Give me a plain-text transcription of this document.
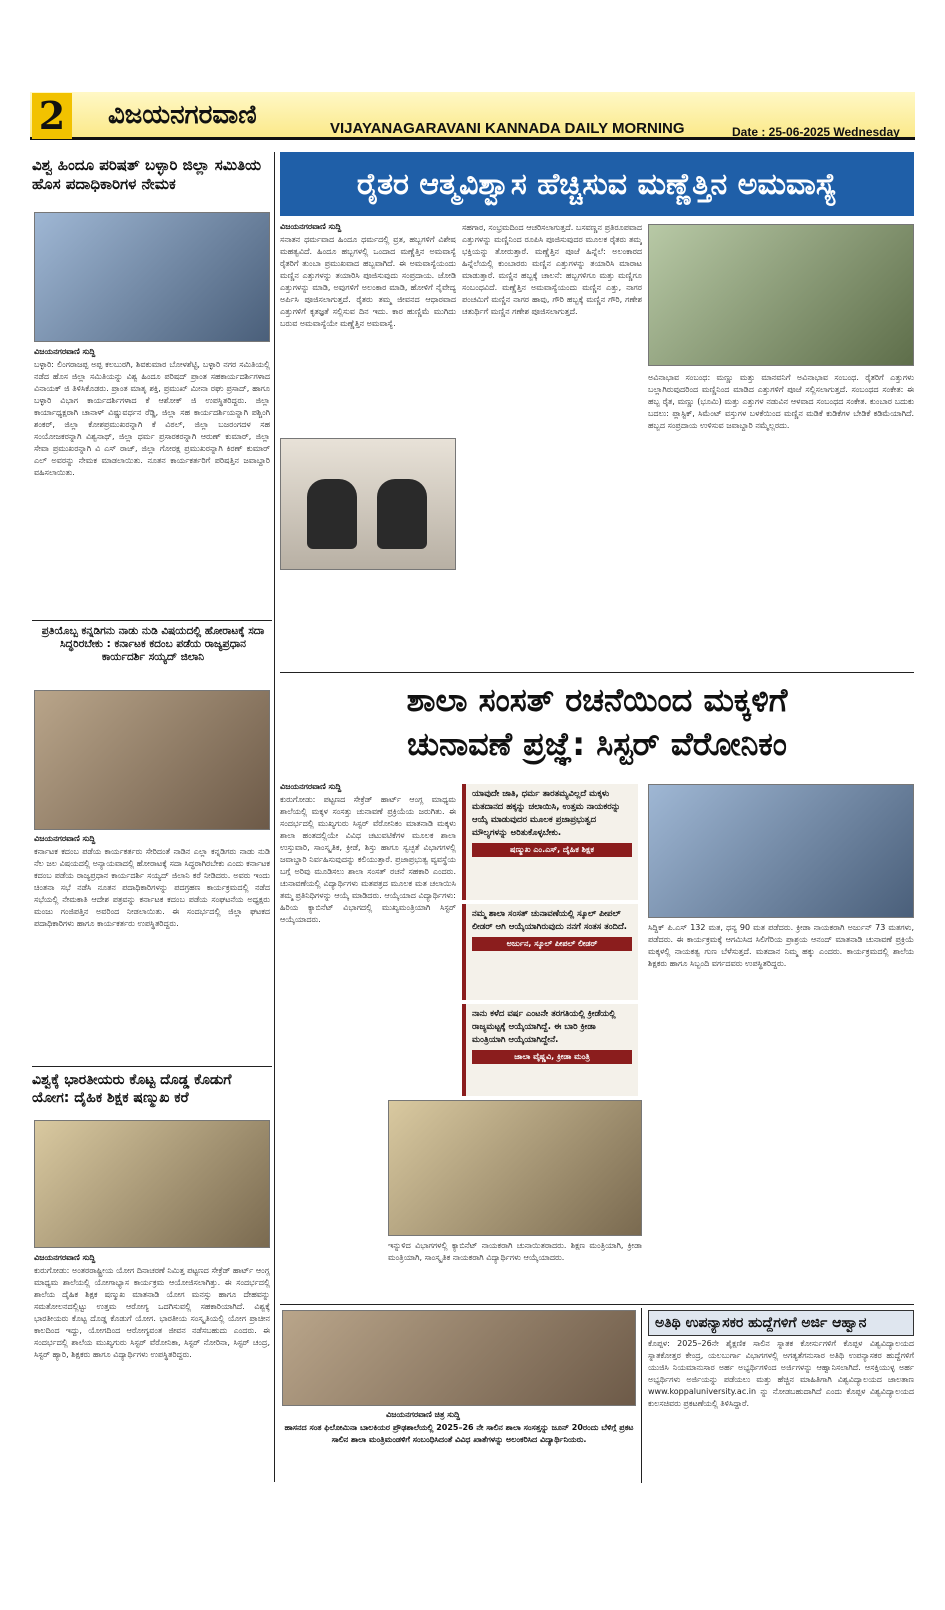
2 ವಿಜಯನಗರವಾಣಿ	VIJAYANAGARAVANI KANNADA DAILY MORNING	Date : 25-06-2025 Wednesday
ವಿಶ್ವ ಹಿಂದೂ ಪರಿಷತ್ ಬಳ್ಳಾರಿ ಜಿಲ್ಲಾ ಸಮಿತಿಯ ಹೊಸ ಪದಾಧಿಕಾರಿಗಳ ನೇಮಕ
ವಿಜಯನಗರವಾಣಿ ಸುದ್ದಿ
ಬಳ್ಳಾರಿ: ಲಿಂಗರಾಜಪ್ಪ ಅಪ್ಪ ಕಲಬುರಗಿ, ಶಿವಕುಮಾರ ಬೋಳಶೆಟ್ಟಿ, ಬಳ್ಳಾರಿ ನಗರ ಸಮಿತಿಯಲ್ಲಿ ನಡೆದ ಹೊಸ ಜಿಲ್ಲಾ ಸಮಿತಿಯನ್ನು ವಿಶ್ವ ಹಿಂದೂ ಪರಿಷದ್ ಪ್ರಾಂತ ಸಹಕಾರ್ಯದರ್ಶಿಗಳಾದ ವಿನಾಯಕ್ ಜಿ ತಿಳಿಸಿಕೊಡರು. ಪ್ರಾಂತ ಮಾತೃ ಶಕ್ತಿ, ಪ್ರಮುಖ್ ಮೀನಾ ರಘು ಪ್ರಸಾದ್, ಹಾಗೂ ಬಳ್ಳಾರಿ ವಿಭಾಗ ಕಾರ್ಯದರ್ಶಿಗಳಾದ ಕೆ ಆಶೋಕ್ ಜಿ ಉಪಸ್ಥಿತರಿದ್ದರು. ಜಿಲ್ಲಾ ಕಾರ್ಯಾಧ್ಯಕ್ಷರಾಗಿ ಚಾನಾಳ್ ವಿಷ್ಣುವರ್ಧನ ರೆಡ್ಡಿ, ಜಿಲ್ಲಾ ಸಹ ಕಾರ್ಯದರ್ಶಿಯನ್ನಾಗಿ ಪಶ್ಚಿಂಗಿ ಶಂಕರ್, ಜಿಲ್ಲಾ ಕೋಶಪ್ರಮುಖರನ್ನಾಗಿ ಕೆ ವಿಠಲ್, ಜಿಲ್ಲಾ ಬಜರಂಗದಳ ಸಹ ಸಂಯೋಜಕರನ್ನಾಗಿ ವಿಶ್ವನಾಥ್, ಜಿಲ್ಲಾ ಧರ್ಮ ಪ್ರಸಾರಕರನ್ನಾಗಿ ಆರುಣ್ ಕುಮಾರ್, ಜಿಲ್ಲಾ ಸೇವಾ ಪ್ರಮುಖರನ್ನಾಗಿ ವಿ ಎಸ್ ರಾಜ್, ಜಿಲ್ಲಾ ಗೋರಕ್ಷ ಪ್ರಮುಖರನ್ನಾಗಿ ಕಿರಣ್ ಕುಮಾರ್ ಎಲ್ ಅವರನ್ನು ನೇಮಕ ಮಾಡಲಾಯಿತು. ನೂತನ ಕಾರ್ಯಕರ್ತರಿಗೆ ಪರಿಷತ್ತಿನ ಜವಾಬ್ದಾರಿ ವಹಿಸಲಾಯಿತು.
ಪ್ರತಿಯೊಬ್ಬ ಕನ್ನಡಿಗನು ನಾಡು ನುಡಿ ವಿಷಯದಲ್ಲಿ ಹೋರಾಟಕ್ಕೆ ಸದಾ ಸಿದ್ಧರಿರಬೇಕು : ಕರ್ನಾಟಕ ಕದಂಬ ಪಡೆಯ ರಾಜ್ಯಪ್ರಧಾನ ಕಾರ್ಯದರ್ಶಿ ಸಯ್ಯದ್ ಜಿಲಾನಿ
ವಿಜಯನಗರವಾಣಿ ಸುದ್ದಿ
ಕರ್ನಾಟಕ ಕದಂಬ ಪಡೆಯ ಕಾರ್ಯಕರ್ತರು ಸೇರಿದಂತೆ ನಾಡಿನ ಎಲ್ಲಾ ಕನ್ನಡಿಗರು ನಾಡು ನುಡಿ ನೆಲ ಜಲ ವಿಷಯದಲ್ಲಿ ಅನ್ಯಾಯವಾದಲ್ಲಿ ಹೋರಾಟಕ್ಕೆ ಸದಾ ಸಿದ್ಧರಾಗಿರಬೇಕು ಎಂದು ಕರ್ನಾಟಕ ಕದಂಬ ಪಡೆಯ ರಾಜ್ಯಪ್ರಧಾನ ಕಾರ್ಯದರ್ಶಿ ಸಯ್ಯದ್ ಜಿಲಾನಿ ಕರೆ ನೀಡಿದರು. ಅವರು ಇಂದು ಚಿಂತನಾ ಸಭೆ ನಡೆಸಿ ನೂತನ ಪದಾಧಿಕಾರಿಗಳನ್ನು ಪದಗ್ರಹಣ ಕಾರ್ಯಕ್ರಮದಲ್ಲಿ ನಡೆದ ಸಭೆಯಲ್ಲಿ ನೇಮಕಾತಿ ಆದೇಶ ಪತ್ರವನ್ನು ಕರ್ನಾಟಕ ಕದಂಬ ಪಡೆಯ ಸಂಘಟನೆಯ ಅಧ್ಯಕ್ಷರು ಮಂಜು ಗಂಜಿಪತ್ತಿನ ಅವರಿಂದ ನೀಡಲಾಯಿತು. ಈ ಸಂದರ್ಭದಲ್ಲಿ ಜಿಲ್ಲಾ ಘಟಕದ ಪದಾಧಿಕಾರಿಗಳು ಹಾಗೂ ಕಾರ್ಯಕರ್ತರು ಉಪಸ್ಥಿತರಿದ್ದರು.
ವಿಶ್ವಕ್ಕೆ ಭಾರತೀಯರು ಕೊಟ್ಟ ದೊಡ್ಡ ಕೊಡುಗೆ ಯೋಗ: ದೈಹಿಕ ಶಿಕ್ಷಕ ಷಣ್ಮುಖ ಕರೆ
ವಿಜಯನಗರವಾಣಿ ಸುದ್ದಿ
ಕುರುಗೋಡು: ಅಂತರರಾಷ್ಟ್ರೀಯ ಯೋಗ ದಿನಾಚರಣೆ ನಿಮಿತ್ತ ಪಟ್ಟಣದ ಸೇಕ್ರೆಡ್ ಹಾರ್ಟ್ ಆಂಗ್ಲ ಮಾಧ್ಯಮ ಶಾಲೆಯಲ್ಲಿ ಯೋಗಾಭ್ಯಾಸ ಕಾರ್ಯಕ್ರಮ ಆಯೋಜಿಸಲಾಗಿತ್ತು. ಈ ಸಂದರ್ಭದಲ್ಲಿ ಶಾಲೆಯ ದೈಹಿಕ ಶಿಕ್ಷಕ ಷಣ್ಮುಖ ಮಾತನಾಡಿ ಯೋಗ ಮನಸ್ಸು ಹಾಗೂ ದೇಹವನ್ನು ಸಮತೋಲನದಲ್ಲಿಟ್ಟು ಉತ್ತಮ ಆರೋಗ್ಯ ಒದಗಿಸುವಲ್ಲಿ ಸಹಕಾರಿಯಾಗಿದೆ. ವಿಶ್ವಕ್ಕೆ ಭಾರತೀಯರು ಕೊಟ್ಟ ದೊಡ್ಡ ಕೊಡುಗೆ ಯೋಗ. ಭಾರತೀಯ ಸಂಸ್ಕೃತಿಯಲ್ಲಿ ಯೋಗ ಪ್ರಾಚೀನ ಕಾಲದಿಂದ ಇದ್ದು, ಯೋಗದಿಂದ ಆರೋಗ್ಯವಂತ ಜೀವನ ನಡೆಸಬಹುದು ಎಂದರು. ಈ ಸಂದರ್ಭದಲ್ಲಿ ಶಾಲೆಯ ಮುಖ್ಯಗುರು ಸಿಸ್ಟರ್ ವೆರೋನಿಕಾ, ಸಿಸ್ಟರ್ ನೋರಿನಾ, ಸಿಸ್ಟರ್ ಚಂದ್ರ, ಸಿಸ್ಟರ್ ಹ್ಯಾರಿ, ಶಿಕ್ಷಕರು ಹಾಗೂ ವಿದ್ಯಾರ್ಥಿಗಳು ಉಪಸ್ಥಿತರಿದ್ದರು.
ರೈತರ ಆತ್ಮವಿಶ್ವಾಸ ಹೆಚ್ಚಿಸುವ ಮಣ್ಣೆತ್ತಿನ ಅಮವಾಸ್ಯೆ
ವಿಜಯನಗರವಾಣಿ ಸುದ್ದಿ
ಸನಾತನ ಧರ್ಮವಾದ ಹಿಂದೂ ಧರ್ಮದಲ್ಲಿ ವ್ರತ, ಹಬ್ಬಗಳಿಗೆ ವಿಶೇಷ ಮಹತ್ವವಿದೆ. ಹಿಂದೂ ಹಬ್ಬಗಳಲ್ಲಿ ಒಂದಾದ ಮಣ್ಣೆತ್ತಿನ ಅಮವಾಸ್ಯೆ ರೈತರಿಗೆ ತುಂಬಾ ಪ್ರಮುಖವಾದ ಹಬ್ಬವಾಗಿದೆ. ಈ ಅಮವಾಸ್ಯೆಯಂದು ಮಣ್ಣಿನ ಎತ್ತುಗಳನ್ನು ತಯಾರಿಸಿ ಪೂಜಿಸುವುದು ಸಂಪ್ರದಾಯ. ಜೋಡಿ ಎತ್ತುಗಳನ್ನು ಮಾಡಿ, ಅವುಗಳಿಗೆ ಅಲಂಕಾರ ಮಾಡಿ, ಹೋಳಿಗೆ ನೈವೇದ್ಯ ಅರ್ಪಿಸಿ ಪೂಜಿಸಲಾಗುತ್ತದೆ. ರೈತರು ತಮ್ಮ ಜೀವನದ ಆಧಾರವಾದ ಎತ್ತುಗಳಿಗೆ ಕೃತಜ್ಞತೆ ಸಲ್ಲಿಸುವ ದಿನ ಇದು. ಕಾರ ಹುಣ್ಣಿಮೆ ಮುಗಿದು ಬರುವ ಅಮವಾಸ್ಯೆಯೇ ಮಣ್ಣೆತ್ತಿನ ಅಮವಾಸ್ಯೆ.
ಸಹಗಾರ, ಸಂಭ್ರಮದಿಂದ ಆಚರಿಸಲಾಗುತ್ತದೆ. ಬಸವಣ್ಣನ ಪ್ರತಿರೂಪವಾದ ಎತ್ತುಗಳನ್ನು ಮಣ್ಣಿನಿಂದ ರೂಪಿಸಿ ಪೂಜಿಸುವುದರ ಮೂಲಕ ರೈತರು ತಮ್ಮ ಭಕ್ತಿಯನ್ನು ತೋರುತ್ತಾರೆ. ಮಣ್ಣೆತ್ತಿನ ಪೂಜೆ ಹಿನ್ನೆಲೆ: ಅಲಂಕಾರದ ಹಿನ್ನೆಲೆಯಲ್ಲಿ ಕುಂಬಾರರು ಮಣ್ಣಿನ ಎತ್ತುಗಳನ್ನು ತಯಾರಿಸಿ ಮಾರಾಟ ಮಾಡುತ್ತಾರೆ. ಮಣ್ಣಿನ ಹಬ್ಬಕ್ಕೆ ಚಾಲನೆ: ಹಬ್ಬಗಳಿಗೂ ಮತ್ತು ಮಣ್ಣಿಗೂ ಸಂಬಂಧವಿದೆ. ಮಣ್ಣೆತ್ತಿನ ಅಮವಾಸ್ಯೆಯಂದು ಮಣ್ಣಿನ ಎತ್ತು, ನಾಗರ ಪಂಚಮಿಗೆ ಮಣ್ಣಿನ ನಾಗರ ಹಾವು, ಗೌರಿ ಹಬ್ಬಕ್ಕೆ ಮಣ್ಣಿನ ಗೌರಿ, ಗಣೇಶ ಚತುರ್ಥಿಗೆ ಮಣ್ಣಿನ ಗಣೇಶ ಪೂಜಿಸಲಾಗುತ್ತದೆ.
ಅವಿನಾಭಾವ ಸಂಬಂಧ: ಮಣ್ಣು ಮತ್ತು ಮಾನವನಿಗೆ ಅವಿನಾಭಾವ ಸಂಬಂಧ. ರೈತರಿಗೆ ಎತ್ತುಗಳು ಬಲ್ಲಾಗಿರುವುದರಿಂದ ಮಣ್ಣಿನಿಂದ ಮಾಡಿದ ಎತ್ತುಗಳಿಗೆ ಪೂಜೆ ಸಲ್ಲಿಸಲಾಗುತ್ತದೆ. ಸಂಬಂಧದ ಸಂಕೇತ: ಈ ಹಬ್ಬ ರೈತ, ಮಣ್ಣು (ಭೂಮಿ) ಮತ್ತು ಎತ್ತುಗಳ ನಡುವಿನ ಆಳವಾದ ಸಂಬಂಧದ ಸಂಕೇತ. ಕುಂಬಾರ ಬದುಕು ಬದಲು: ಪ್ಲಾಸ್ಟಿಕ್, ಸಿಮೆಂಟ್ ವಸ್ತುಗಳ ಬಳಕೆಯಿಂದ ಮಣ್ಣಿನ ಮಡಿಕೆ ಕುಡಿಕೆಗಳ ಬೇಡಿಕೆ ಕಡಿಮೆಯಾಗಿದೆ. ಹಬ್ಬದ ಸಂಪ್ರದಾಯ ಉಳಿಸುವ ಜವಾಬ್ದಾರಿ ನಮ್ಮೆಲ್ಲರದು.
ಶಾಲಾ ಸಂಸತ್ ರಚನೆಯಿಂದ ಮಕ್ಕಳಿಗೆ
ಚುನಾವಣೆ ಪ್ರಜ್ಞೆ: ಸಿಸ್ಟರ್ ವೆರೋನಿಕಂ
ವಿಜಯನಗರವಾಣಿ ಸುದ್ದಿ
ಕುರುಗೋಡು: ಪಟ್ಟಣದ ಸೇಕ್ರೆಡ್ ಹಾರ್ಟ್ ಆಂಗ್ಲ ಮಾಧ್ಯಮ ಶಾಲೆಯಲ್ಲಿ ಮಕ್ಕಳ ಸಂಸತ್ತು ಚುನಾವಣೆ ಪ್ರಕ್ರಿಯೆಯ ಜರುಗಿತು. ಈ ಸಂದರ್ಭದಲ್ಲಿ ಮುಖ್ಯಗುರು ಸಿಸ್ಟರ್ ವೆರೋನಿಕಂ ಮಾತನಾಡಿ ಮಕ್ಕಳು ಶಾಲಾ ಹಂತದಲ್ಲಿಯೇ ವಿವಿಧ ಚಟುವಟಿಕೆಗಳ ಮೂಲಕ ಶಾಲಾ ಉಸ್ತುವಾರಿ, ಸಾಂಸ್ಕೃತಿಕ, ಕ್ರೀಡೆ, ಶಿಸ್ತು ಹಾಗೂ ಸ್ವಚ್ಛತೆ ವಿಭಾಗಗಳಲ್ಲಿ ಜವಾಬ್ದಾರಿ ನಿರ್ವಹಿಸುವುದನ್ನು ಕಲಿಯುತ್ತಾರೆ. ಪ್ರಜಾಪ್ರಭುತ್ವ ವ್ಯವಸ್ಥೆಯ ಬಗ್ಗೆ ಅರಿವು ಮೂಡಿಸಲು ಶಾಲಾ ಸಂಸತ್ ರಚನೆ ಸಹಕಾರಿ ಎಂದರು. ಚುನಾವಣೆಯಲ್ಲಿ ವಿದ್ಯಾರ್ಥಿಗಳು ಮತಪತ್ರದ ಮೂಲಕ ಮತ ಚಲಾಯಿಸಿ ತಮ್ಮ ಪ್ರತಿನಿಧಿಗಳನ್ನು ಆಯ್ಕೆ ಮಾಡಿದರು. ಆಯ್ಕೆಯಾದ ವಿದ್ಯಾರ್ಥಿಗಳು: ಹಿರಿಯ ಕ್ಯಾಬಿನೆಟ್ ವಿಭಾಗದಲ್ಲಿ ಮುಖ್ಯಮಂತ್ರಿಯಾಗಿ ಸಿಸ್ಟರ್ ಆಯ್ಕೆಯಾದರು.
ಯಾವುದೇ ಜಾತಿ, ಧರ್ಮ ತಾರತಮ್ಯವಿಲ್ಲದೆ ಮಕ್ಕಳು ಮತದಾನದ ಹಕ್ಕನ್ನು ಚಲಾಯಿಸಿ, ಉತ್ತಮ ನಾಯಕರನ್ನು ಆಯ್ಕೆ ಮಾಡುವುದರ ಮೂಲಕ ಪ್ರಜಾಪ್ರಭುತ್ವದ ಮೌಲ್ಯಗಳನ್ನು ಅರಿತುಕೊಳ್ಳಬೇಕು.
ಷಣ್ಮುಖ ಎಂ.ಎಸ್, ದೈಹಿಕ ಶಿಕ್ಷಕ
ನಮ್ಮ ಶಾಲಾ ಸಂಸತ್ ಚುನಾವಣೆಯಲ್ಲಿ ಸ್ಕೂಲ್ ಪೀಪಲ್ ಲೀಡರ್ ಆಗಿ ಆಯ್ಕೆಯಾಗಿರುವುದು ನನಗೆ ಸಂತಸ ತಂದಿದೆ.
ಅರ್ಜುನ, ಸ್ಕೂಲ್ ಪೀಪಲ್ ಲೀಡರ್
ನಾನು ಕಳೆದ ವರ್ಷ ಎಂಟನೇ ತರಗತಿಯಲ್ಲಿ ಕ್ರೀಡೆಯಲ್ಲಿ ರಾಜ್ಯಮಟ್ಟಕ್ಕೆ ಆಯ್ಕೆಯಾಗಿದ್ದೆ. ಈ ಬಾರಿ ಕ್ರೀಡಾ ಮಂತ್ರಿಯಾಗಿ ಆಯ್ಕೆಯಾಗಿದ್ದೇನೆ.
ಜಾಲಾ ವೈಷ್ಣವಿ, ಕ್ರೀಡಾ ಮಂತ್ರಿ
ಸಿದ್ದಿಕ್ ಪಿ.ಎಸ್ 132 ಮತ, ಧನ್ಯ 90 ಮತ ಪಡೆದರು. ಕ್ರೀಡಾ ನಾಯಕರಾಗಿ ಅರ್ಜುನ್ 73 ಮತಗಳು, ಪಡೆದರು. ಈ ಕಾರ್ಯಕ್ರಮಕ್ಕೆ ಆಗಮಿಸಿದ ಸಿಲಿಗೆರಿಯ ಪ್ರಾಶ್ರಯ ಆನಂದ್ ಮಾತನಾಡಿ ಚುನಾವಣೆ ಪ್ರಕ್ರಿಯೆ ಮಕ್ಕಳಲ್ಲಿ ನಾಯಕತ್ವ ಗುಣ ಬೆಳೆಸುತ್ತದೆ. ಮತದಾನ ನಿಮ್ಮ ಹಕ್ಕು ಎಂದರು. ಕಾರ್ಯಕ್ರಮದಲ್ಲಿ ಶಾಲೆಯ ಶಿಕ್ಷಕರು ಹಾಗೂ ಸಿಬ್ಬಂದಿ ವರ್ಗದವರು ಉಪಸ್ಥಿತರಿದ್ದರು.
ಇನ್ನುಳಿದ ವಿಭಾಗಗಳಲ್ಲಿ ಕ್ಯಾಬಿನೆಟ್ ನಾಯಕರಾಗಿ ಚುನಾಯಿತರಾದರು. ಶಿಕ್ಷಣ ಮಂತ್ರಿಯಾಗಿ, ಕ್ರೀಡಾ ಮಂತ್ರಿಯಾಗಿ, ಸಾಂಸ್ಕೃತಿಕ ನಾಯಕರಾಗಿ ವಿದ್ಯಾರ್ಥಿಗಳು ಆಯ್ಕೆಯಾದರು.
ವಿಜಯನಗರವಾಣಿ ಚಿತ್ರ ಸುದ್ದಿ
ಹಾಸನದ ಸಂತ ಫಿಲೋಮಿನಾ ಬಾಲಕಿಯರ ಪ್ರೌಢಶಾಲೆಯಲ್ಲಿ 2025–26 ನೇ ಸಾಲಿನ ಶಾಲಾ ಸಂಸತ್ತನ್ನು ಜೂನ್ 20ರಂದು ಬೆಳಿಗ್ಗೆ ಪ್ರಕಟ ಸಾಲಿನ ಶಾಲಾ ಮಂತ್ರಿಮಂಡಳಿಗೆ ಸಂಬಂಧಿಸಿದಂತೆ ವಿವಿಧ ಖಾತೆಗಳನ್ನು ಅಲಂಕರಿಸಿದ ವಿದ್ಯಾರ್ಥಿನಿಯರು.
ಅತಿಥಿ ಉಪನ್ಯಾಸಕರ ಹುದ್ದೆಗಳಿಗೆ ಅರ್ಜಿ ಆಹ್ವಾನ
ಕೊಪ್ಪಳ: 2025–26ನೇ ಶೈಕ್ಷಣಿಕ ಸಾಲಿನ ಸ್ನಾತಕ ಕೋರ್ಸುಗಳಿಗೆ ಕೊಪ್ಪಳ ವಿಶ್ವವಿದ್ಯಾಲಯದ ಸ್ನಾತಕೋತ್ತರ ಕೇಂದ್ರ, ಯಲಬುರ್ಗಾ ವಿಭಾಗಗಳಲ್ಲಿ ಅಗತ್ಯತೆಗನುಸಾರ ಅತಿಥಿ ಉಪನ್ಯಾಸಕರ ಹುದ್ದೆಗಳಿಗೆ ಯುಜಿಸಿ ನಿಯಮಾನುಸಾರ ಅರ್ಹ ಅಭ್ಯರ್ಥಿಗಳಿಂದ ಅರ್ಜಿಗಳನ್ನು ಆಹ್ವಾನಿಸಲಾಗಿದೆ. ಆಸಕ್ತಿಯುಳ್ಳ ಅರ್ಹ ಅಭ್ಯರ್ಥಿಗಳು ಅರ್ಜಿಯನ್ನು ಪಡೆಯಲು ಮತ್ತು ಹೆಚ್ಚಿನ ಮಾಹಿತಿಗಾಗಿ ವಿಶ್ವವಿದ್ಯಾಲಯದ ಜಾಲತಾಣ www.koppaluniversity.ac.in ನ್ನು ನೋಡಬಹುದಾಗಿದೆ ಎಂದು ಕೊಪ್ಪಳ ವಿಶ್ವವಿದ್ಯಾಲಯದ ಕುಲಸಚಿವರು ಪ್ರಕಟಣೆಯಲ್ಲಿ ತಿಳಿಸಿದ್ದಾರೆ.
